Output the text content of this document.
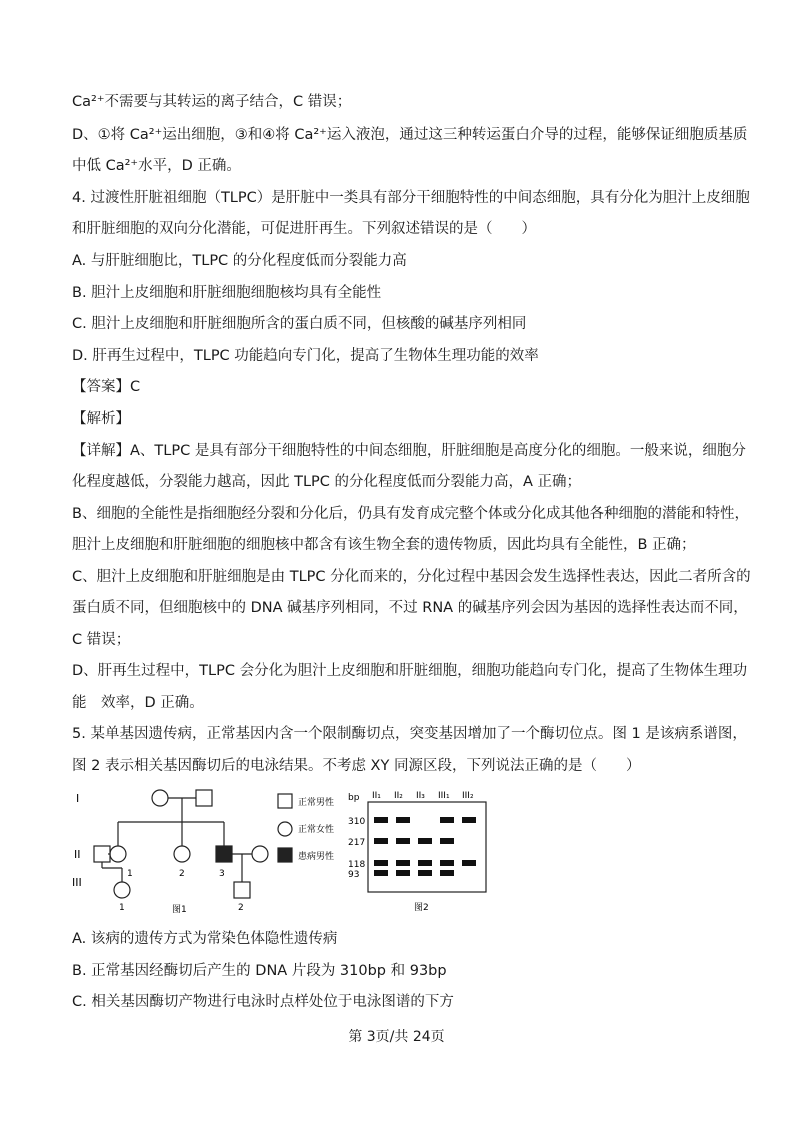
Ca²⁺不需要与其转运的离子结合，C 错误；
D、①将 Ca²⁺运出细胞，③和④将 Ca²⁺运入液泡，通过这三种转运蛋白介导的过程，能够保证细胞质基质
中低 Ca²⁺水平，D 正确。
4. 过渡性肝脏祖细胞（TLPC）是肝脏中一类具有部分干细胞特性的中间态细胞，具有分化为胆汁上皮细胞
和肝脏细胞的双向分化潜能，可促进肝再生。下列叙述错误的是（　　）
A. 与肝脏细胞比，TLPC 的分化程度低而分裂能力高
B. 胆汁上皮细胞和肝脏细胞细胞核均具有全能性
C. 胆汁上皮细胞和肝脏细胞所含的蛋白质不同，但核酸的碱基序列相同
D. 肝再生过程中，TLPC 功能趋向专门化，提高了生物体生理功能的效率
【答案】C
【解析】
【详解】A、TLPC 是具有部分干细胞特性的中间态细胞，肝脏细胞是高度分化的细胞。一般来说，细胞分
化程度越低，分裂能力越高，因此 TLPC 的分化程度低而分裂能力高，A 正确；
B、细胞的全能性是指细胞经分裂和分化后，仍具有发育成完整个体或分化成其他各种细胞的潜能和特性，
胆汁上皮细胞和肝脏细胞的细胞核中都含有该生物全套的遗传物质，因此均具有全能性，B 正确；
C、胆汁上皮细胞和肝脏细胞是由 TLPC 分化而来的，分化过程中基因会发生选择性表达，因此二者所含的
蛋白质不同，但细胞核中的 DNA 碱基序列相同，不过 RNA 的碱基序列会因为基因的选择性表达而不同，
C 错误；
D、肝再生过程中，TLPC 会分化为胆汁上皮细胞和肝脏细胞，细胞功能趋向专门化，提高了生物体生理功
能　效率，D 正确。
5. 某单基因遗传病，正常基因内含一个限制酶切点，突变基因增加了一个酶切位点。图 1 是该病系谱图，
图 2 表示相关基因酶切后的电泳结果。不考虑 XY 同源区段，下列说法正确的是（　　）
I
II
III
1	2	3
1	2
图1
正常男性
正常女性
患病男性
bp II₁ II₂ II₃ III₁ III₂
310
217
118
93
图2
A. 该病的遗传方式为常染色体隐性遗传病
B. 正常基因经酶切后产生的 DNA 片段为 310bp 和 93bp
C. 相关基因酶切产物进行电泳时点样处位于电泳图谱的下方
第 3页/共 24页
